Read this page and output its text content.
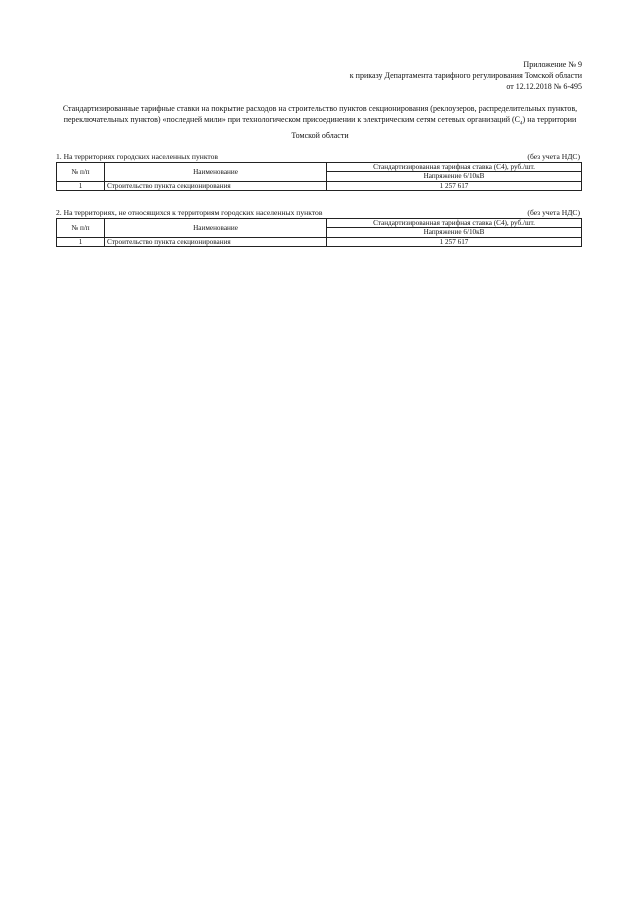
Приложение № 9
к приказу Департамента тарифного регулирования Томской области
от 12.12.2018 № 6-495
Стандартизированные тарифные ставки на покрытие расходов на строительство пунктов секционирования (реклоузеров, распределительных пунктов, переключательных пунктов) «последней мили» при технологическом присоединении к электрическим сетям сетевых организаций $(С_4)$ на территории Томской области
1. На территориях городских населенных пунктов	(без учета НДС)
№ п/п	Наименование	Стандартизированная тарифная ставка (С4), руб./шт.
		Напряжение 6/10кВ
1	Строительство пункта секционирования	1 257 617
2. На территориях, не относящихся к территориям городских населенных пунктов	(без учета НДС)
№ п/п	Наименование	Стандартизированная тарифная ставка (С4), руб./шт.
		Напряжение 6/10кВ
1	Строительство пункта секционирования	1 257 617
